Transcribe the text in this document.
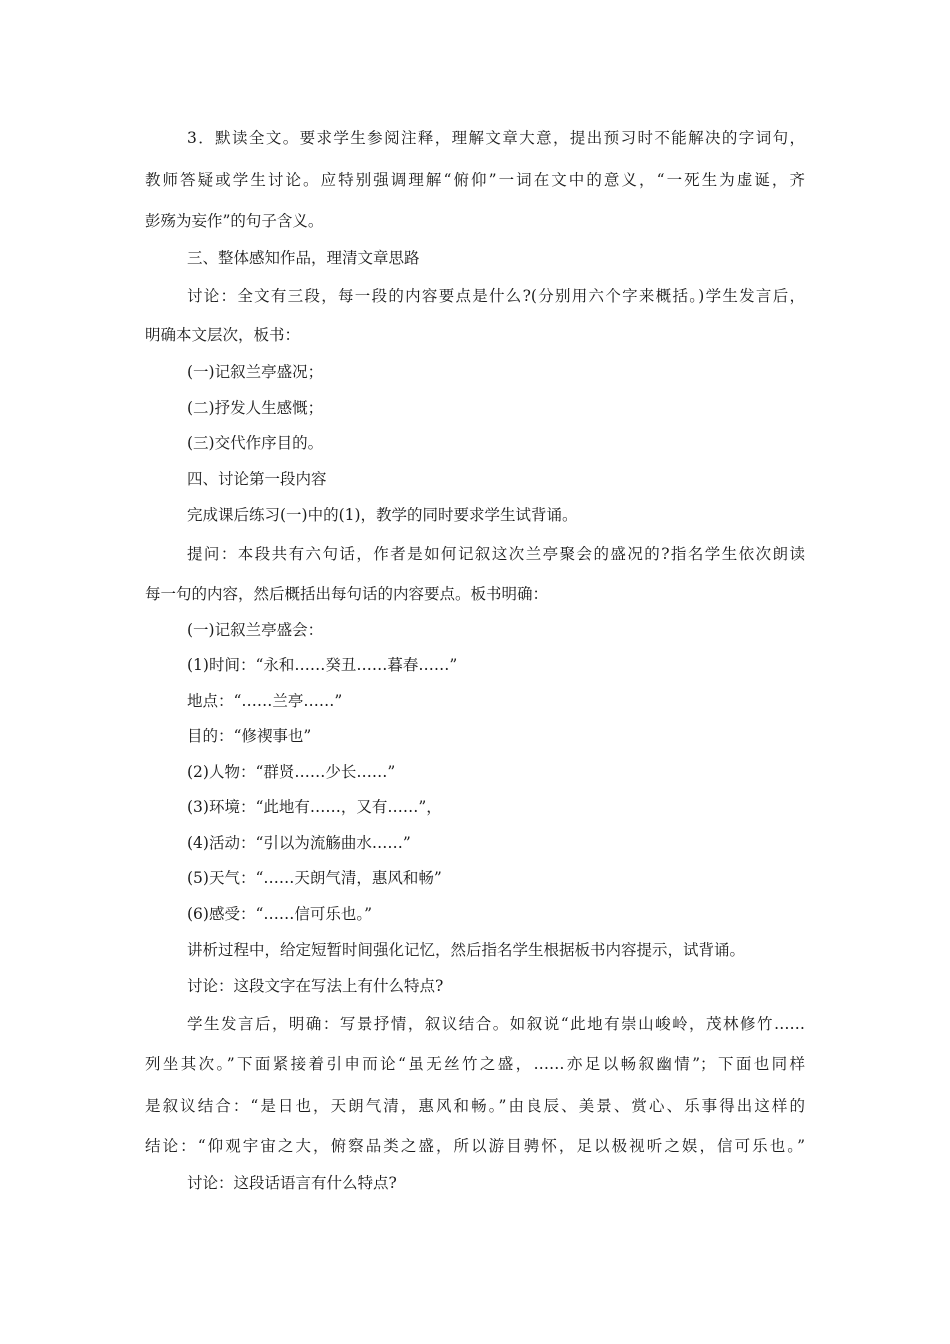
3．默读全文。要求学生参阅注释，理解文章大意，提出预习时不能解决的字词句，
教师答疑或学生讨论。应特别强调理解“俯仰”一词在文中的意义，“一死生为虚诞，齐
彭殇为妄作”的句子含义。
三、整体感知作品，理清文章思路
讨论：全文有三段，每一段的内容要点是什么?(分别用六个字来概括。)学生发言后，
明确本文层次，板书：
(一)记叙兰亭盛况；
(二)抒发人生感慨；
(三)交代作序目的。
四、讨论第一段内容
完成课后练习(一)中的(1)，教学的同时要求学生试背诵。
提问：本段共有六句话，作者是如何记叙这次兰亭聚会的盛况的?指名学生依次朗读
每一句的内容，然后概括出每句话的内容要点。板书明确：
(一)记叙兰亭盛会：
(1)时间：“永和……癸丑……暮春……”
地点：“……兰亭……”
目的：“修禊事也”
(2)人物：“群贤……少长……”
(3)环境：“此地有……，又有……”，
(4)活动：“引以为流觞曲水……”
(5)天气：“……天朗气清，惠风和畅”
(6)感受：“……信可乐也。”
讲析过程中，给定短暂时间强化记忆，然后指名学生根据板书内容提示，试背诵。
讨论：这段文字在写法上有什么特点?
学生发言后，明确：写景抒情，叙议结合。如叙说“此地有崇山峻岭，茂林修竹……
列坐其次。”下面紧接着引申而论“虽无丝竹之盛，……亦足以畅叙幽情”；下面也同样
是叙议结合：“是日也，天朗气清，惠风和畅。”由良辰、美景、赏心、乐事得出这样的
结论：“仰观宇宙之大，俯察品类之盛，所以游目骋怀，足以极视听之娱，信可乐也。”
讨论：这段话语言有什么特点?
